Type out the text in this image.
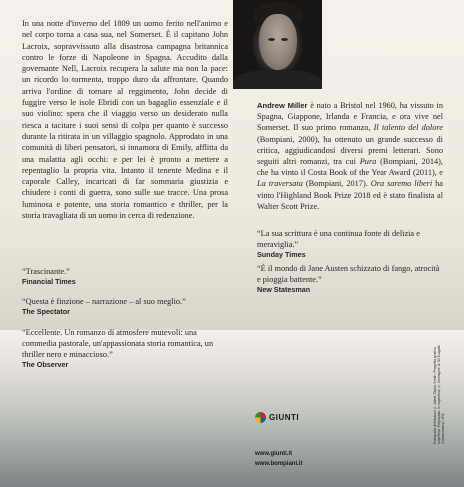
In una notte d'inverno del 1809 un uomo ferito nell'animo e nel corpo torna a casa sua, nel Somerset. È il capitano John Lacroix, sopravvissuto alla disastrosa campagna britannica contro le forze di Napoleone in Spagna. Accudito dalla governante Nell, Lacroix recupera la salute ma non la pace: un ricordo lo tormenta, troppo duro da affrontare. Quando arriva l'ordine di tornare al reggimento, John decide di fuggire verso le isole Ebridi con un bagaglio essenziale e il suo violino: spera che il viaggio verso un desiderato nulla riesca a tacitare i suoi sensi di colpa per quanto è successo durante la ritirata in un villaggio spagnolo. Approdato in una comunità di liberi pensatori, si innamora di Emily, afflitta da una malattia agli occhi: e per lei è pronto a mettere a repentaglio la propria vita. Intanto il tenente Medina e il caporale Calley, incaricati di far sommaria giustizia e chiudere i conti di guerra, sono sulle sue tracce. Una prosa luminosa e potente, una storia romantico e thriller, per la storia travagliata di un uomo in cerca di redenzione.

“Trascinante.”

Financial Times

“Questa è finzione – narrazione – al suo meglio.”

The Spectator

“Eccellente. Un romanzo di atmosfere mutevoli: una commedia pastorale, un'appassionata storia romantica, un thriller nero e minaccioso.”

The Observer

Andrew Miller è nato a Bristol nel 1960, ha vissuto in Spagna, Giappone, Irlanda e Francia, e ora vive nel Somerset. Il suo primo romanzo, Il talento del dolore (Bompiani, 2000), ha ottenuto un grande successo di critica, aggiudicandosi diversi premi letterari. Sono seguiti altri romanzi, tra cui Pura (Bompiani, 2014), che ha vinto il Costa Book of the Year Award (2011), e La traversata (Bompiani, 2017). Ora saremo liberi ha vinto l'Highland Book Prize 2018 ed è stato finalista al Walter Scott Prize.

“La sua scrittura è una continua fonte di delizia e meraviglia.”

Sunday Times

“È il mondo di Jane Austen schizzato di fango, atrocità e pioggia battente.”

New Statesman

Fotografia dell'autore © Adele Taylor-Smith. Progetto grafico copertina: Polystudio. In copertina: © Immagine di Sir Dugald Cowan/Alamy / IPA
GIUNTI
www.giunti.it
www.bompiani.it
